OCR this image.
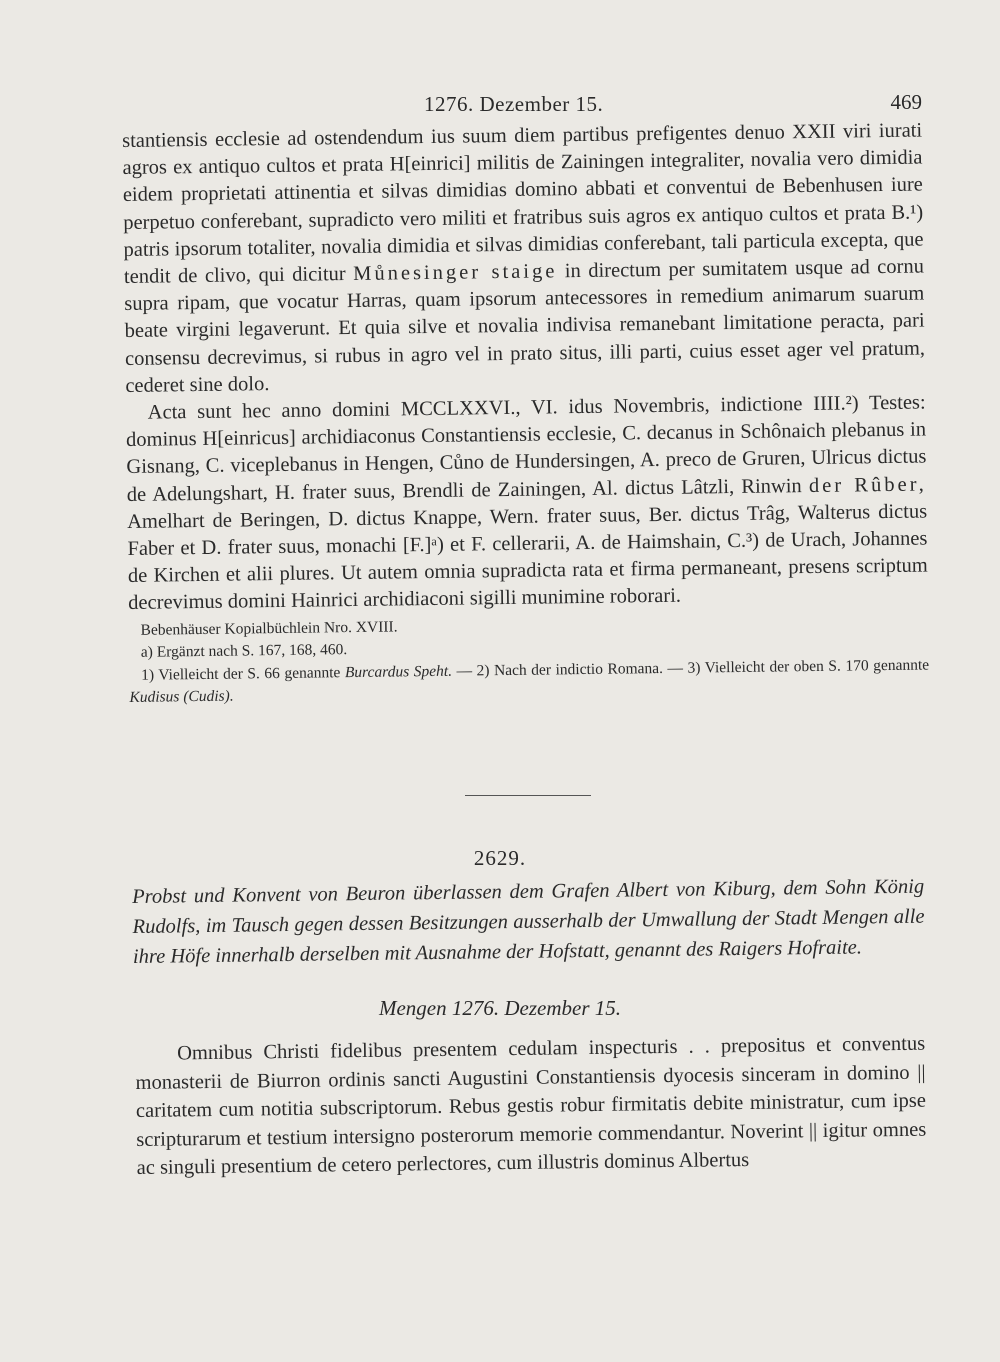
1276. Dezember 15.	469

stantiensis ecclesie ad ostendendum ius suum diem partibus prefigentes denuo XXII viri iurati agros ex antiquo cultos et prata H[einrici] militis de Zainingen integraliter, novalia vero dimidia eidem proprietati attinentia et silvas dimidias domino abbati et conventui de Bebenhusen iure perpetuo conferebant, supradicto vero militi et fratribus suis agros ex antiquo cultos et prata B.¹) patris ipsorum totaliter, novalia dimidia et silvas dimidias conferebant, tali particula excepta, que tendit de clivo, qui dicitur Můnesinger staige in directum per sumitatem usque ad cornu supra ripam, que vocatur Harras, quam ipsorum antecessores in remedium animarum suarum beate virgini legaverunt. Et quia silve et novalia indivisa remanebant limitatione peracta, pari consensu decrevimus, si rubus in agro vel in prato situs, illi parti, cuius esset ager vel pratum, cederet sine dolo.

Acta sunt hec anno domini MCCLXXVI., VI. idus Novembris, indictione IIII.²) Testes: dominus H[einricus] archidiaconus Constantiensis ecclesie, C. decanus in Schônaich plebanus in Gisnang, C. viceplebanus in Hengen, Cůno de Hundersingen, A. preco de Gruren, Ulricus dictus de Adelungshart, H. frater suus, Brendli de Zainingen, Al. dictus Lâtzli, Rinwin der Rûber, Amelhart de Beringen, D. dictus Knappe, Wern. frater suus, Ber. dictus Trâg, Walterus dictus Faber et D. frater suus, monachi [F.]ᵃ) et F. cellerarii, A. de Haimshain, C.³) de Urach, Johannes de Kirchen et alii plures. Ut autem omnia supradicta rata et firma permaneant, presens scriptum decrevimus domini Hainrici archidiaconi sigilli munimine roborari.

Bebenhäuser Kopialbüchlein Nro. XVIII.
a) Ergänzt nach S. 167, 168, 460.
1) Vielleicht der S. 66 genannte Burcardus Speht. — 2) Nach der indictio Romana. — 3) Vielleicht der oben S. 170 genannte Kudisus (Cudis).
2629.
Probst und Konvent von Beuron überlassen dem Grafen Albert von Kiburg, dem Sohn König Rudolfs, im Tausch gegen dessen Besitzungen ausserhalb der Umwallung der Stadt Mengen alle ihre Höfe innerhalb derselben mit Ausnahme der Hofstatt, genannt des Raigers Hofraite.
Mengen 1276. Dezember 15.

Omnibus Christi fidelibus presentem cedulam inspecturis . . prepositus et conventus monasterii de Biurron ordinis sancti Augustini Constantiensis dyocesis sinceram in domino || caritatem cum notitia subscriptorum. Rebus gestis robur firmitatis debite ministratur, cum ipse scripturarum et testium intersigno posterorum memorie commendantur. Noverint || igitur omnes ac singuli presentium de cetero perlectores, cum illustris dominus Albertus
